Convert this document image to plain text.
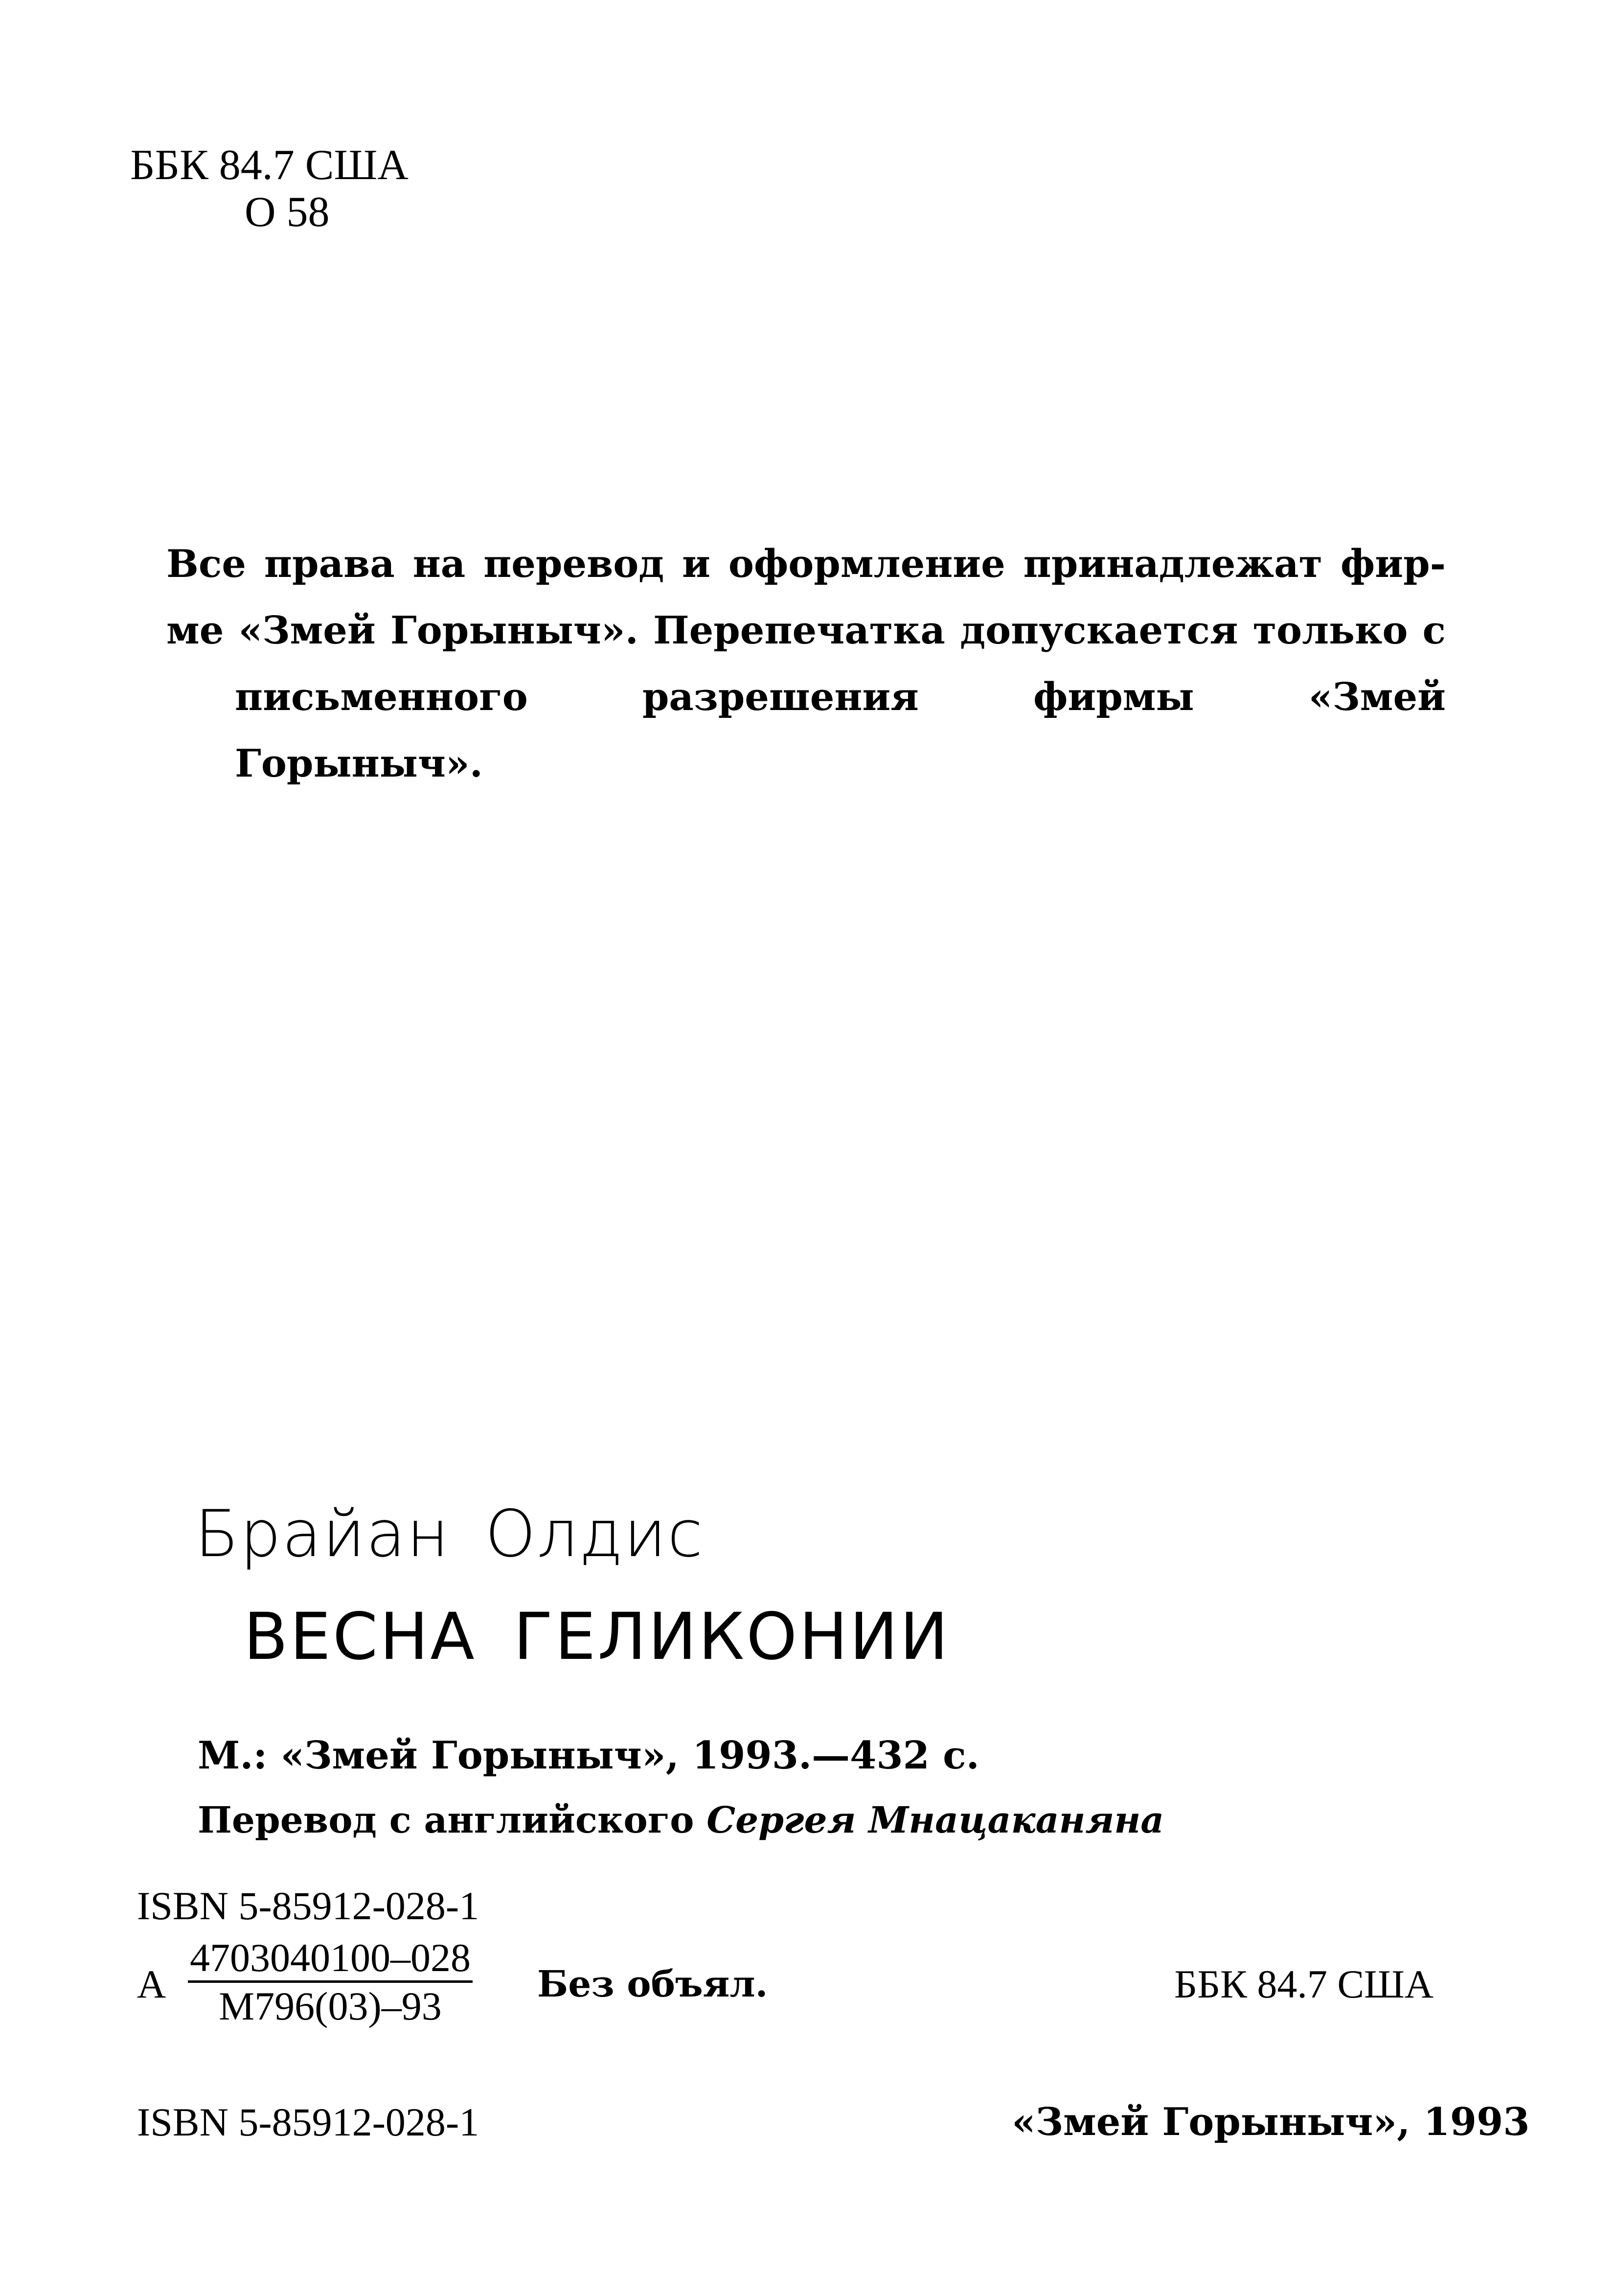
ББК 84.7 США
О 58
Все права на перевод и оформление принадлежат фир-
ме «Змей Горыныч». Перепечатка допускается только с
письменного разрешения фирмы «Змей Горыныч».
Брайан Олдис
ВЕСНА ГЕЛИКОНИИ
М.: «Змей Горыныч», 1993.—432 с.
Перевод с английского Сергея Мнацаканяна
ISBN 5-85912-028-1
А
4703040100–028
М796(03)–93	Без объял.	ББК 84.7 США
ISBN 5-85912-028-1	«Змей Горыныч», 1993
